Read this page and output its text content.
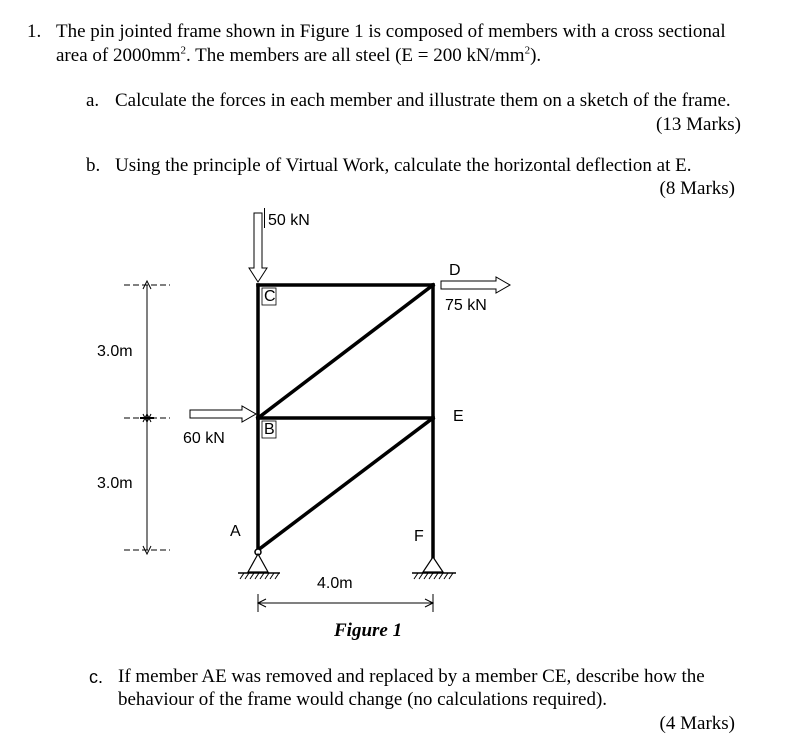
1. The pin jointed frame shown in Figure 1 is composed of members with a cross sectional
area of $2000mm^2$. The members are all steel (E = 200 $kN/mm^2$).
a. Calculate the forces in each member and illustrate them on a sketch of the frame.
(13 Marks)
b. Using the principle of Virtual Work, calculate the horizontal deflection at E.
(8 Marks)
50 kN
C
D
75 kN
3.0m
E
B
60 kN
3.0m
A	F
4.0m
Figure 1
c. If member AE was removed and replaced by a member CE, describe how the
behaviour of the frame would change (no calculations required).
(4 Marks)
